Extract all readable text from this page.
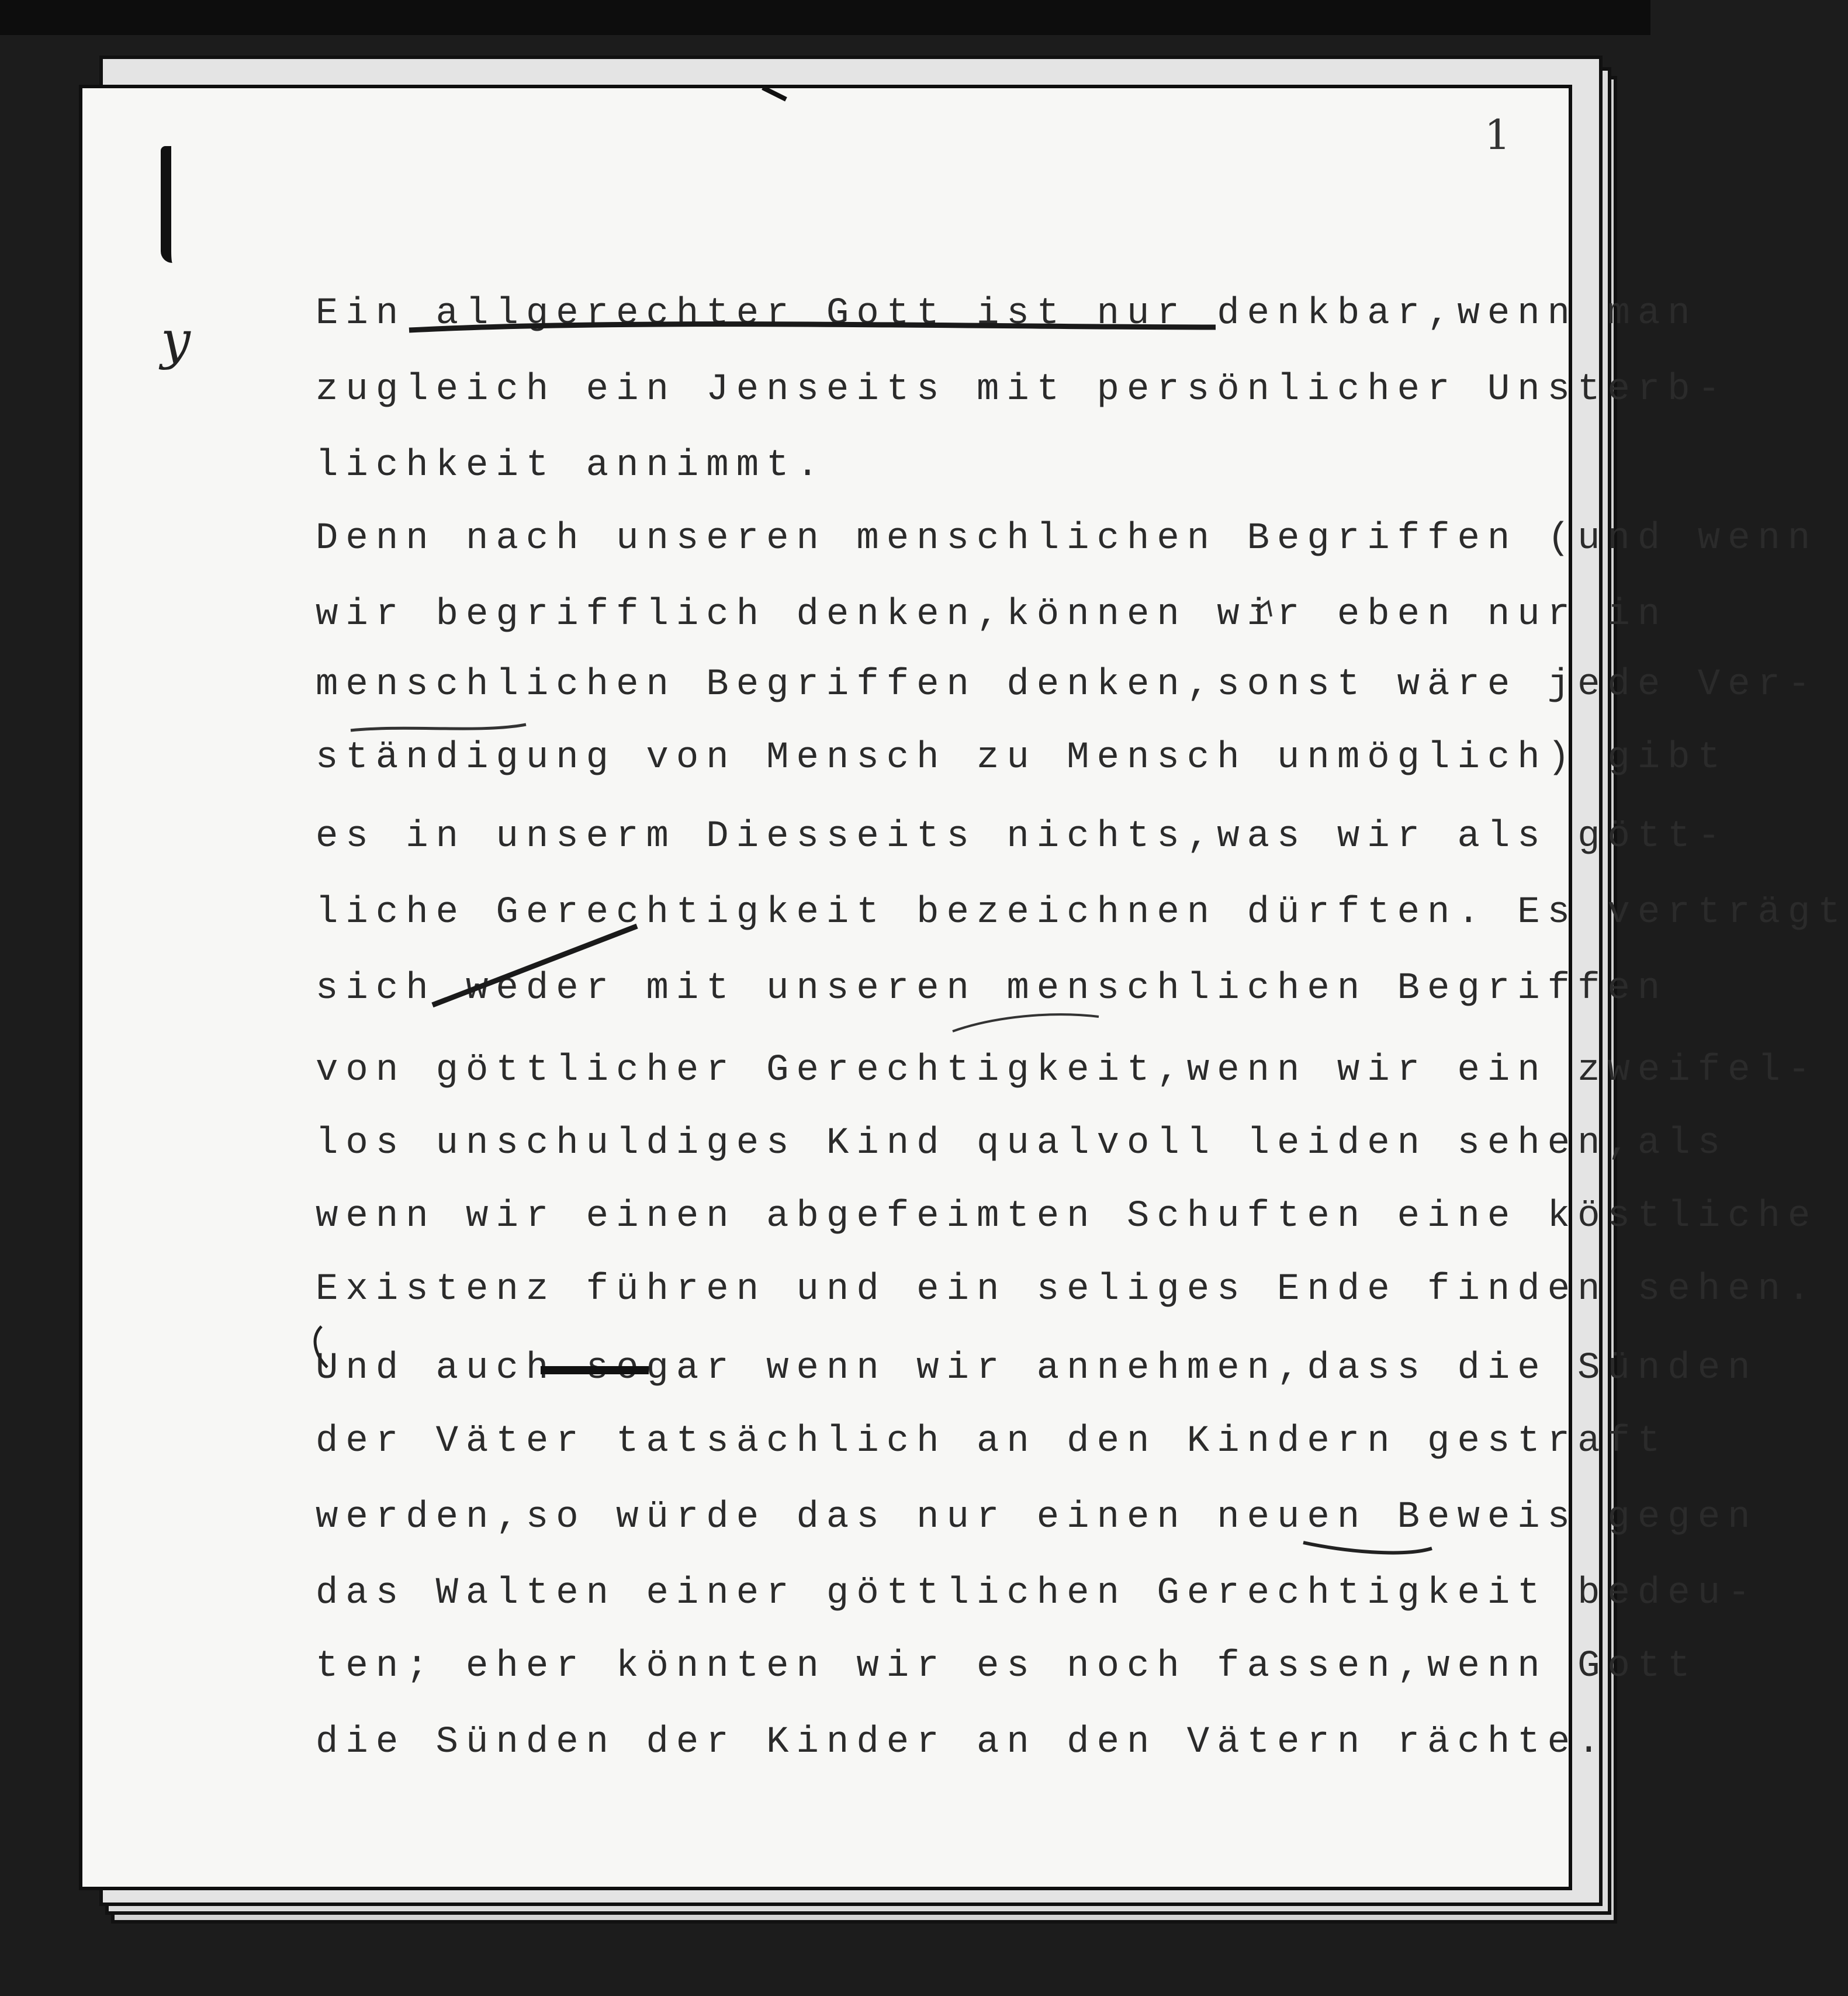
1
y	Ein allgerechter Gott ist nur denkbar,wenn man
zugleich ein Jenseits mit persönlicher Unsterb-
lichkeit annimmt.
Denn nach unseren menschlichen Begriffen (und wenn
wir begrifflich denken,können wir eben nur in
menschlichen Begriffen denken,sonst wäre jede Ver-
ständigung von Mensch zu Mensch unmöglich) gibt
es in unserm Diesseits nichts,was wir als gött-
liche Gerechtigkeit bezeichnen dürften. Es verträgt
sich weder mit unseren menschlichen Begriffen
von göttlicher Gerechtigkeit,wenn wir ein zweifel-
los unschuldiges Kind qualvoll leiden sehen,als
wenn wir einen abgefeimten Schuften eine köstliche
Existenz führen und ein seliges Ende finden sehen.
Und auch sogar wenn wir annehmen,dass die Sünden
der Väter tatsächlich an den Kindern gestraft
werden,so würde das nur einen neuen Beweis gegen
das Walten einer göttlichen Gerechtigkeit bedeu-
ten; eher könnten wir es noch fassen,wenn Gott
die Sünden der Kinder an den Vätern rächte.
